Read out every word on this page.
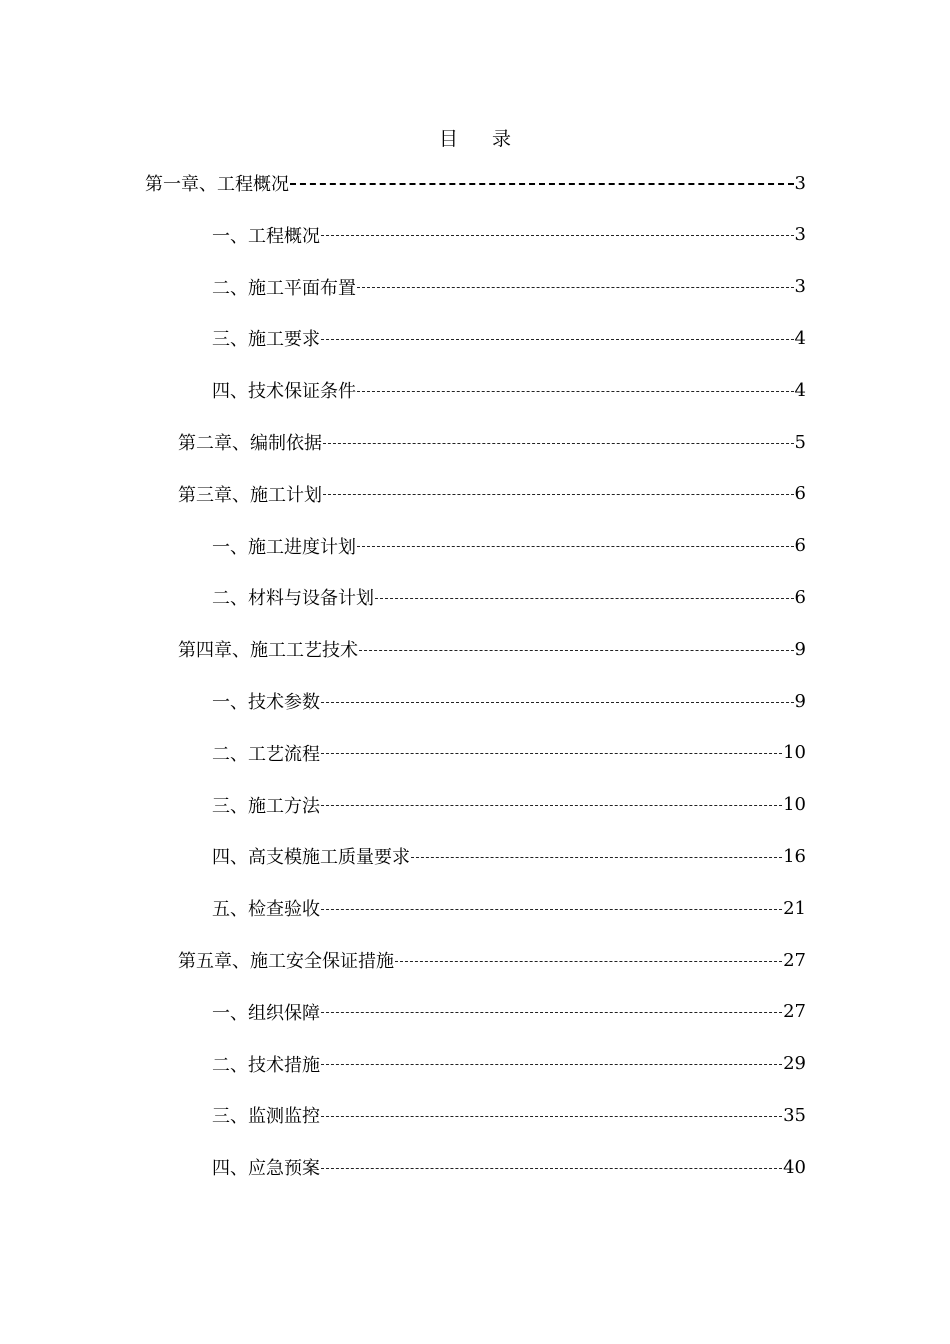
目 录
第一章、工程概况	3
一、工程概况	3
二、施工平面布置	3
三、施工要求	4
四、技术保证条件	4
第二章、编制依据	5
第三章、施工计划	6
一、施工进度计划	6
二、材料与设备计划	6
第四章、施工工艺技术	9
一、技术参数	9
二、工艺流程	10
三、施工方法	10
四、高支模施工质量要求	16
五、检查验收	21
第五章、施工安全保证措施	27
一、组织保障	27
二、技术措施	29
三、监测监控	35
四、应急预案	40
